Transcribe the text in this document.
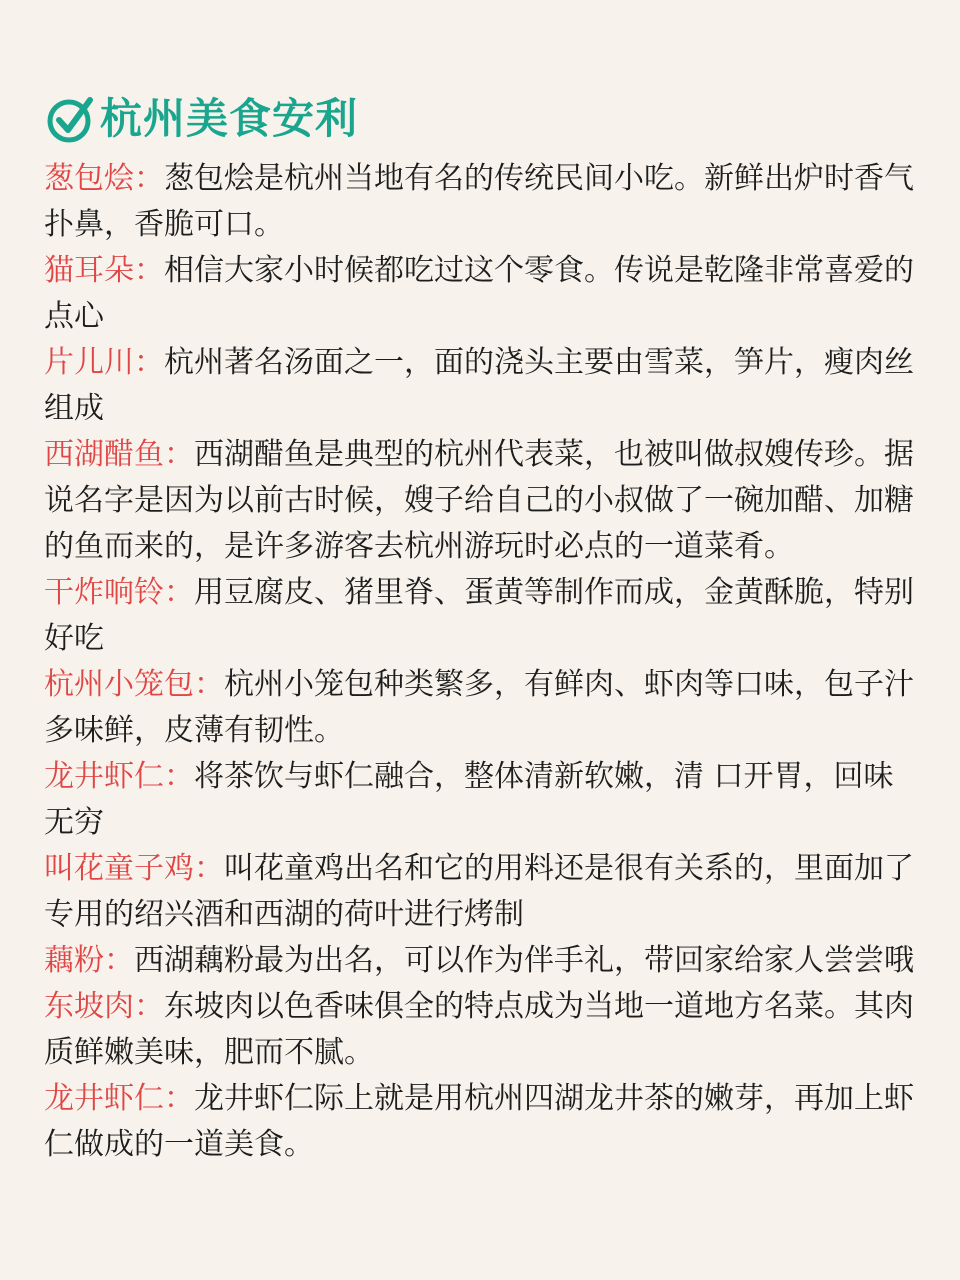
杭州美食安利

葱包烩：葱包烩是杭州当地有名的传统民间小吃。新鲜出炉时香气扑鼻，香脆可口。

猫耳朵：相信大家小时候都吃过这个零食。传说是乾隆非常喜爱的点心

片儿川：杭州著名汤面之一，面的浇头主要由雪菜，笋片，瘦肉丝组成

西湖醋鱼：西湖醋鱼是典型的杭州代表菜，也被叫做叔嫂传珍。据说名字是因为以前古时候，嫂子给自己的小叔做了一碗加醋、加糖的鱼而来的，是许多游客去杭州游玩时必点的一道菜肴。

干炸响铃：用豆腐皮、猪里脊、蛋黄等制作而成，金黄酥脆，特别好吃

杭州小笼包：杭州小笼包种类繁多，有鲜肉、虾肉等口味，包子汁多味鲜，皮薄有韧性。

龙井虾仁：将茶饮与虾仁融合，整体清新软嫩，清 口开胃，回味无穷

叫花童子鸡：叫花童鸡出名和它的用料还是很有关系的，里面加了专用的绍兴酒和西湖的荷叶进行烤制

藕粉：西湖藕粉最为出名，可以作为伴手礼，带回家给家人尝尝哦

东坡肉：东坡肉以色香味俱全的特点成为当地一道地方名菜。其肉质鲜嫩美味，肥而不腻。

龙井虾仁：龙井虾仁际上就是用杭州四湖龙井茶的嫩芽，再加上虾仁做成的一道美食。
